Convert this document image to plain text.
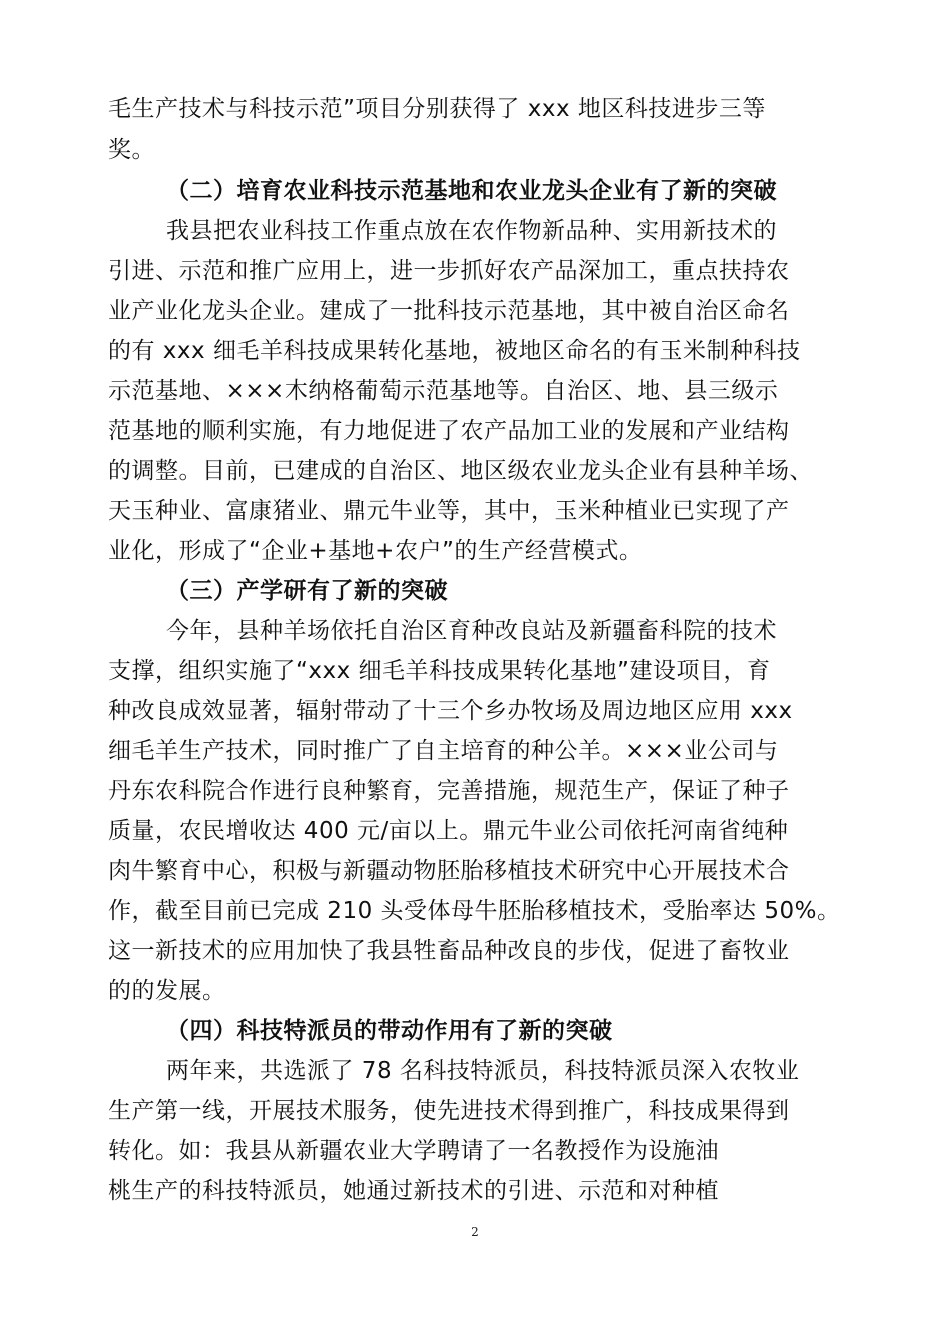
毛生产技术与科技示范”项目分别获得了 xxx 地区科技进步三等
奖。
（二）培育农业科技示范基地和农业龙头企业有了新的突破
我县把农业科技工作重点放在农作物新品种、实用新技术的
引进、示范和推广应用上，进一步抓好农产品深加工，重点扶持农
业产业化龙头企业。建成了一批科技示范基地，其中被自治区命名
的有 xxx 细毛羊科技成果转化基地，被地区命名的有玉米制种科技
示范基地、×××木纳格葡萄示范基地等。自治区、地、县三级示
范基地的顺利实施，有力地促进了农产品加工业的发展和产业结构
的调整。目前，已建成的自治区、地区级农业龙头企业有县种羊场、
天玉种业、富康猪业、鼎元牛业等，其中，玉米种植业已实现了产
业化，形成了“企业+基地+农户”的生产经营模式。
（三）产学研有了新的突破
今年，县种羊场依托自治区育种改良站及新疆畜科院的技术
支撑，组织实施了“xxx 细毛羊科技成果转化基地”建设项目，育
种改良成效显著，辐射带动了十三个乡办牧场及周边地区应用 xxx
细毛羊生产技术，同时推广了自主培育的种公羊。×××业公司与
丹东农科院合作进行良种繁育，完善措施，规范生产，保证了种子
质量，农民增收达 400 元/亩以上。鼎元牛业公司依托河南省纯种
肉牛繁育中心，积极与新疆动物胚胎移植技术研究中心开展技术合
作，截至目前已完成 210 头受体母牛胚胎移植技术，受胎率达 50%。
这一新技术的应用加快了我县牲畜品种改良的步伐，促进了畜牧业
的的发展。
（四）科技特派员的带动作用有了新的突破
两年来，共选派了 78 名科技特派员，科技特派员深入农牧业
生产第一线，开展技术服务，使先进技术得到推广，科技成果得到
转化。如：我县从新疆农业大学聘请了一名教授作为设施油
桃生产的科技特派员，她通过新技术的引进、示范和对种植
2
